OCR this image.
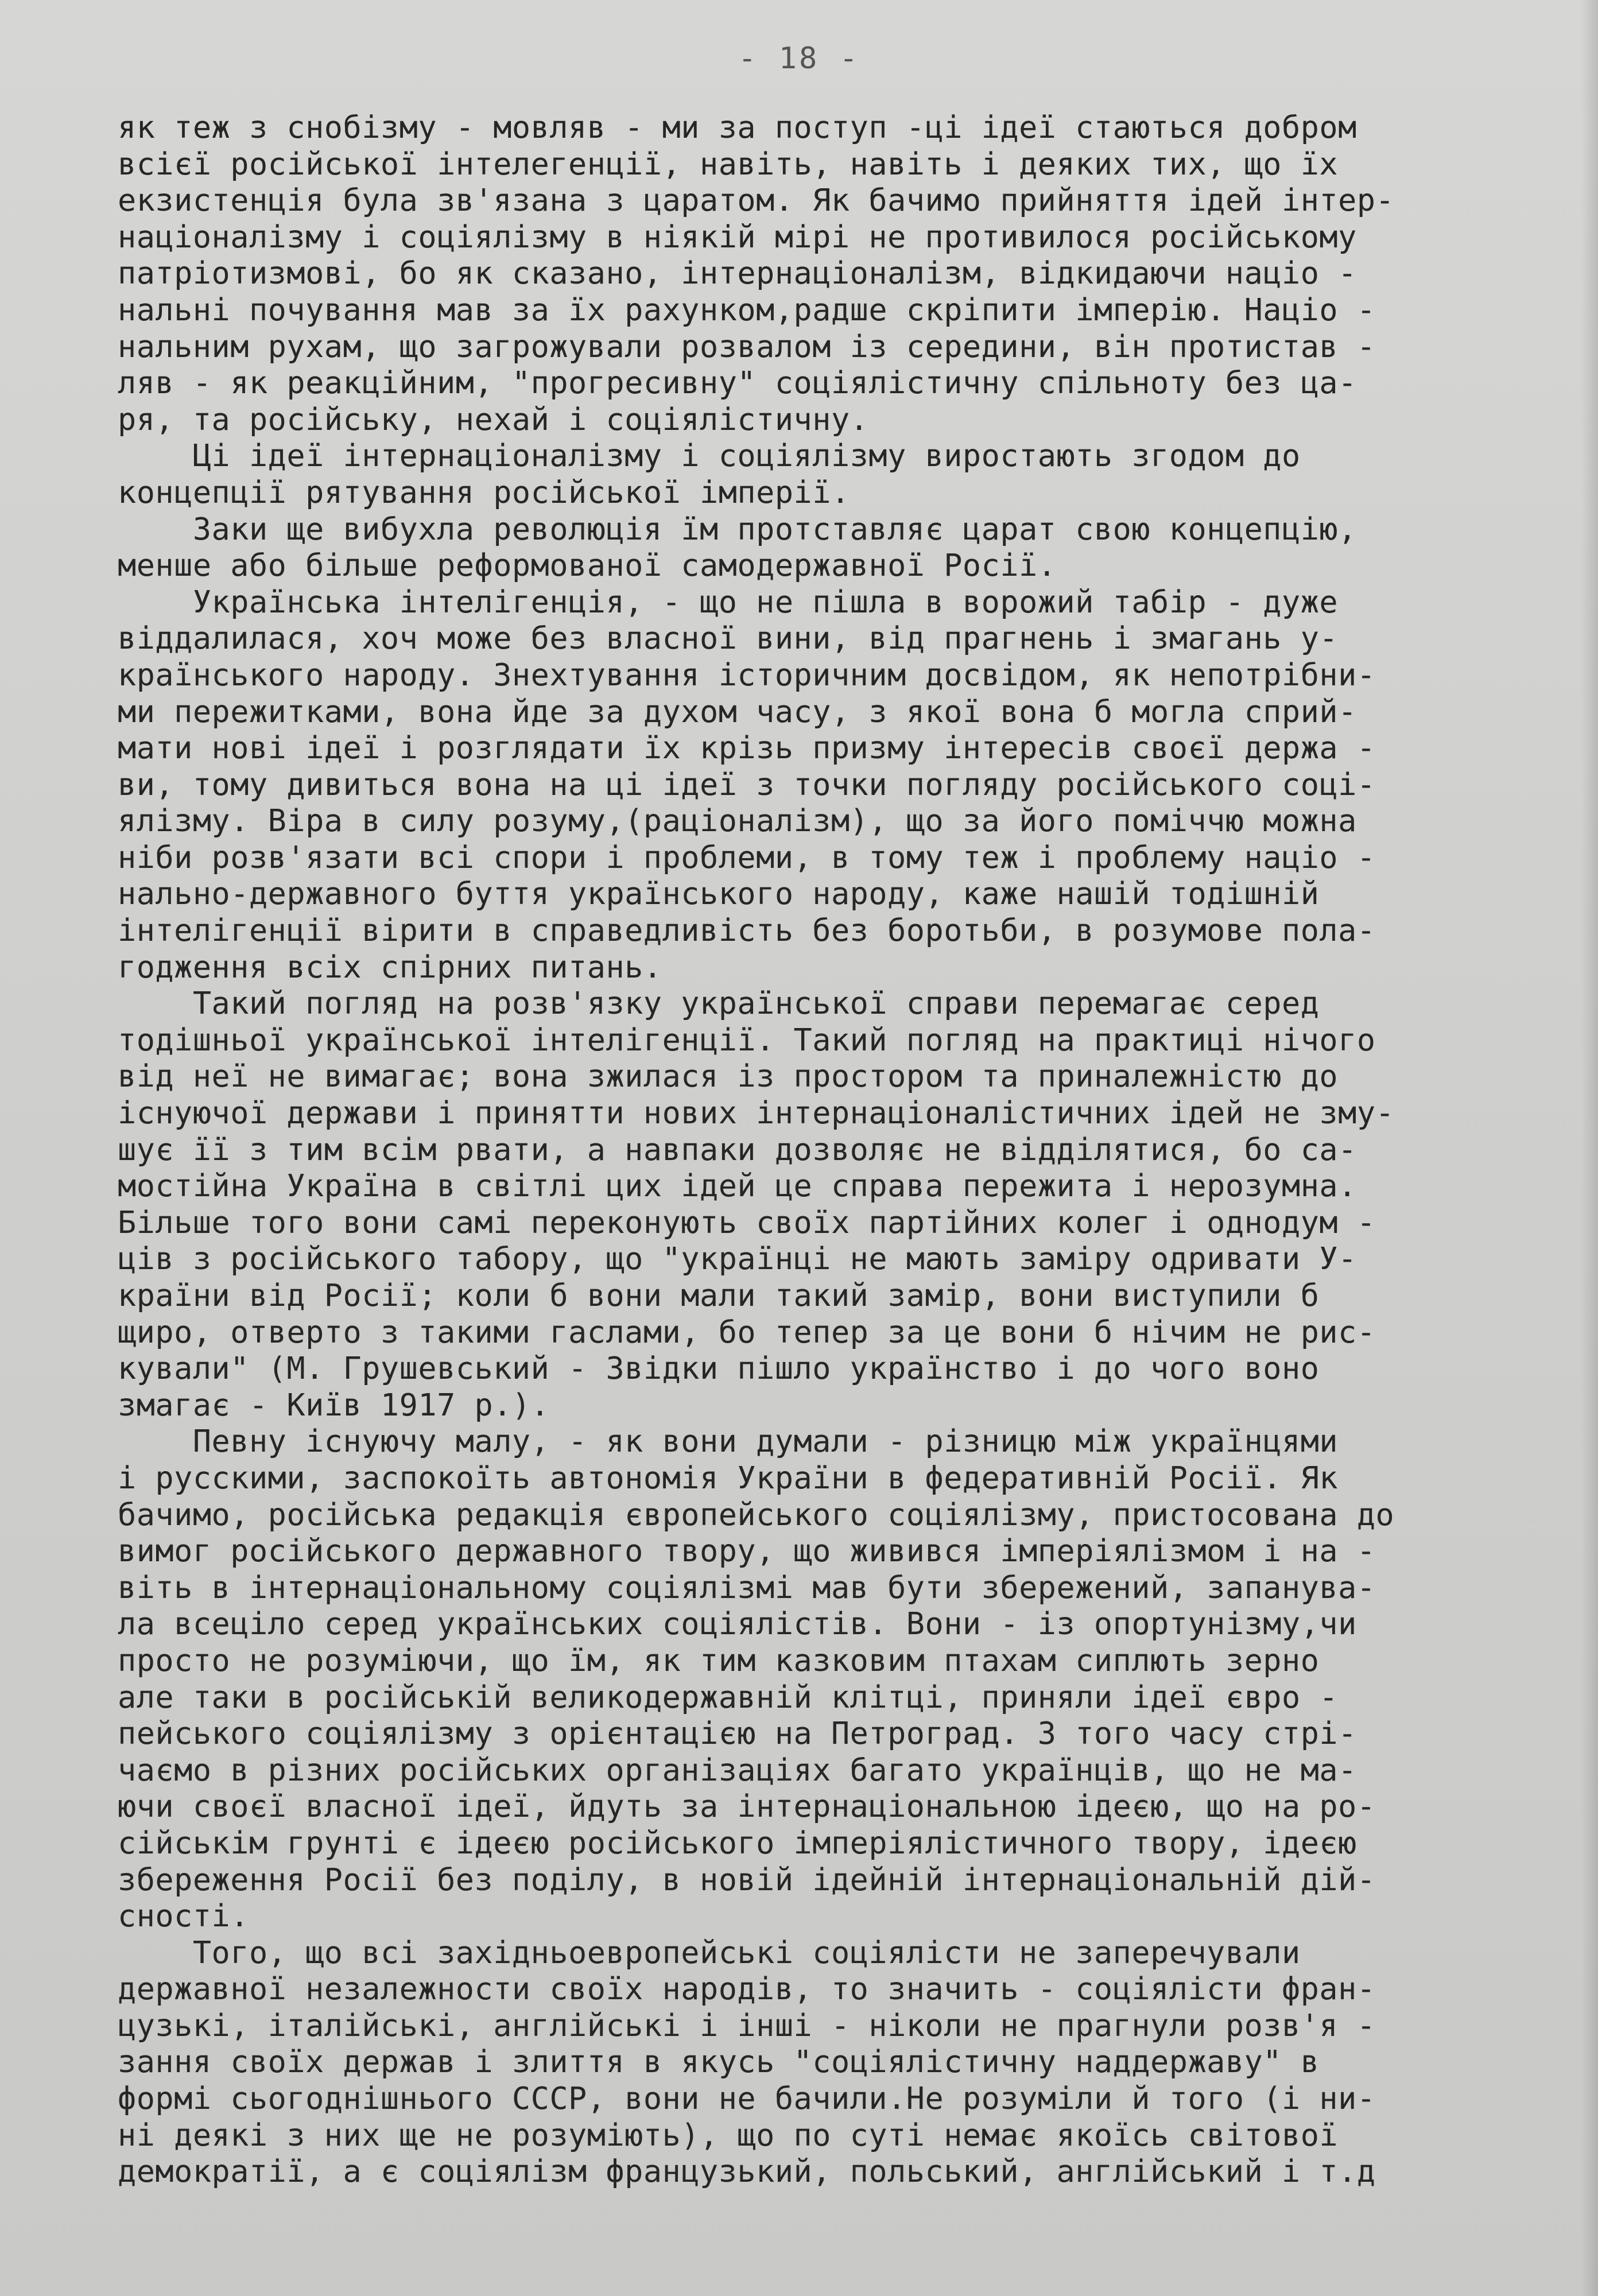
- 18 -

як теж з снобізму - мовляв - ми за поступ -ці ідеї стаються добром

всієї російської інтелегенції, навіть, навіть і деяких тих, що їх

екзистенція була зв'язана з царатом. Як бачимо прийняття ідей інтер-

націоналізму і соціялізму в ніякій мірі не противилося російському

патріотизмові, бо як сказано, інтернаціоналізм, відкидаючи націо -

нальні почування мав за їх рахунком,радше скріпити імперію. Націо -

нальним рухам, що загрожували розвалом із середини, він протистав -

ляв - як реакційним, "прогресивну" соціялістичну спільноту без ца-

ря, та російську, нехай і соціялістичну.

Ці ідеї інтернаціоналізму і соціялізму виростають згодом до

концепції рятування російської імперії.

Заки ще вибухла революція їм протставляє царат свою концепцію,

менше або більше реформованої самодержавної Росії.

Українська інтелігенція, - що не пішла в ворожий табір - дуже

віддалилася, хоч може без власної вини, від прагнень і змагань у-

країнського народу. Знехтування історичним досвідом, як непотрібни-

ми пережитками, вона йде за духом часу, з якої вона б могла сприй-

мати нові ідеї і розглядати їх крізь призму інтересів своєї держа -

ви, тому дивиться вона на ці ідеї з точки погляду російського соці-

ялізму. Віра в силу розуму,(раціоналізм), що за його поміччю можна

ніби розв'язати всі спори і проблеми, в тому теж і проблему націо -

нально-державного буття українського народу, каже нашій тодішній

інтелігенції вірити в справедливість без боротьби, в розумове пола-

годження всіх спірних питань.

Такий погляд на розв'язку української справи перемагає серед

тодішньої української інтелігенції. Такий погляд на практиці нічого

від неї не вимагає; вона зжилася із простором та приналежністю до

існуючої держави і принятти нових інтернаціоналістичних ідей не зму-

шує її з тим всім рвати, а навпаки дозволяє не відділятися, бо са-

мостійна Україна в світлі цих ідей це справа пережита і нерозумна.

Більше того вони самі переконують своїх партійних колег і однодум -

ців з російського табору, що "українці не мають заміру одривати У-

країни від Росії; коли б вони мали такий замір, вони виступили б

щиро, отверто з такими гаслами, бо тепер за це вони б нічим не рис-

кували" (М. Грушевський - Звідки пішло українство і до чого воно

змагає - Київ 1917 р.).

Певну існуючу малу, - як вони думали - різницю між українцями

і русскими, заспокоїть автономія України в федеративній Росії. Як

бачимо, російська редакція європейського соціялізму, пристосована до

вимог російського державного твору, що живився імперіялізмом і на -

віть в інтернаціональному соціялізмі мав бути збережений, запанува-

ла всецілo серед українських соціялістів. Вони - із опортунізму,чи

просто не розуміючи, що їм, як тим казковим птахам сиплють зерно

але таки в російській великодержавній клітці, приняли ідеї євро -

пейського соціялізму з орієнтацією на Петроград. З того часу стрі-

чаємо в різних російських організаціях багато українців, що не ма-

ючи своєї власної ідеї, йдуть за інтернаціональною ідеєю, що на ро-

сійськім грунті є ідеєю російського імперіялістичного твору, ідеєю

збереження Росії без поділу, в новій ідейній інтернаціональній дій-

сності.

Того, що всі західньоевропейські соціялісти не заперечували

державної незалежности своїх народів, то значить - соціялісти фран-

цузькі, італійські, англійські і інші - ніколи не прагнули розв'я -

зання своїх держав і злиття в якусь "соціялістичну наддержаву" в

формі сьогоднішнього СССР, вони не бачили.Не розуміли й того (і ни-

ні деякі з них ще не розуміють), що по суті немає якоїсь світової

демократії, а є соціялізм французький, польський, англійський і т.д
